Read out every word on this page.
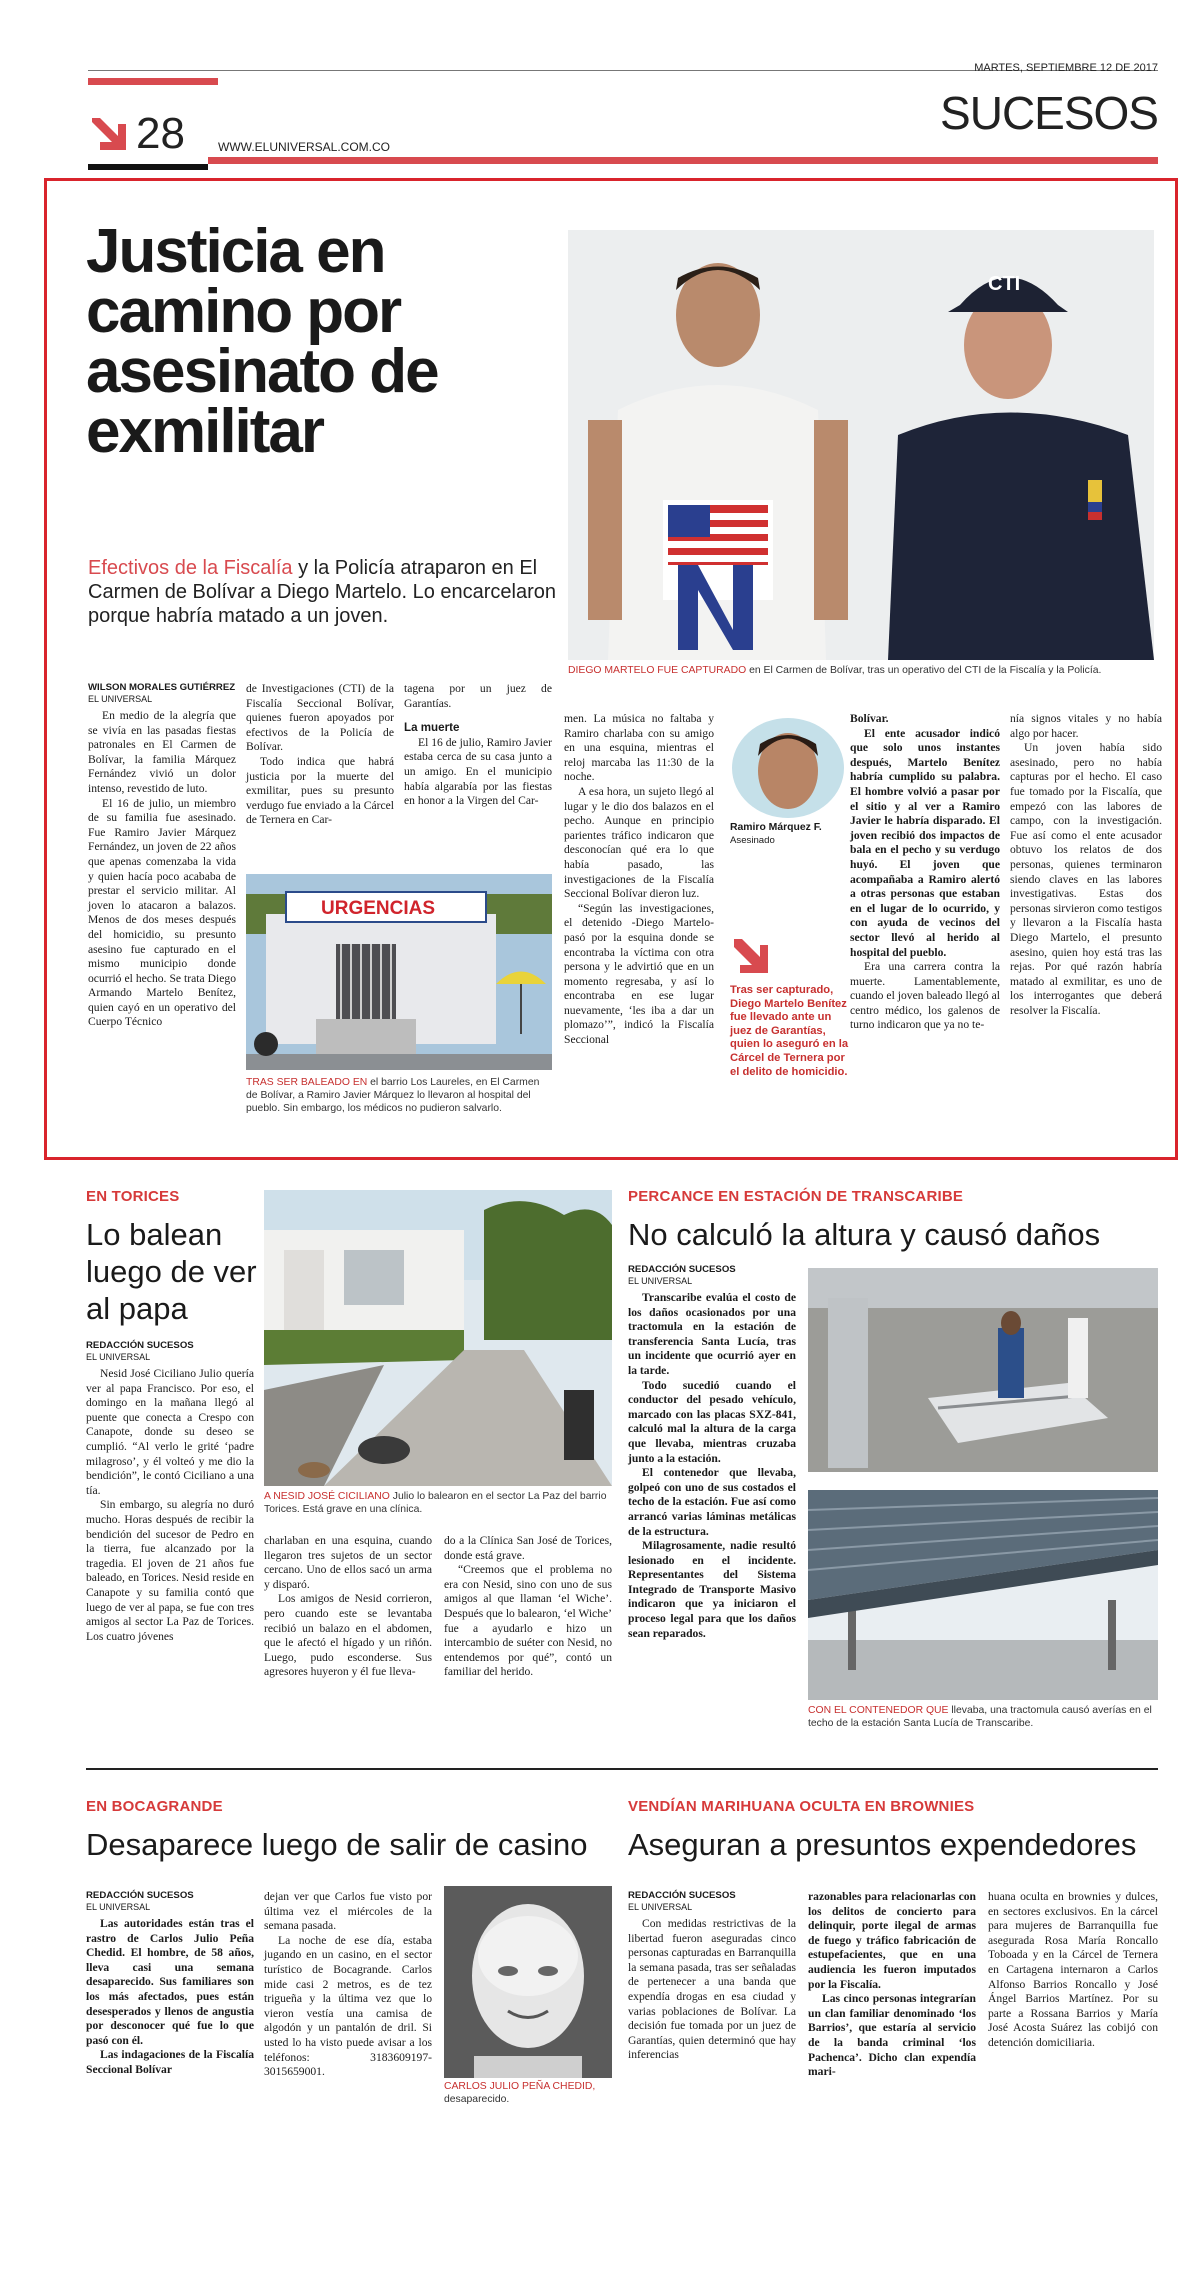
MARTES, SEPTIEMBRE 12 DE 2017
SUCESOS
28	WWW.ELUNIVERSAL.COM.CO
Justicia en camino por asesinato de exmilitar
Efectivos de la Fiscalía y la Policía atraparon en El Carmen de Bolívar a Diego Martelo. Lo encarcelaron porque habría matado a un joven.
CTI
DIEGO MARTELO FUE CAPTURADO en El Carmen de Bolívar, tras un operativo del CTI de la Fiscalía y la Policía.
WILSON MORALES GUTIÉRREZ
EL UNIVERSAL

En medio de la alegría que se vivía en las pasadas fiestas patronales en El Carmen de Bolívar, la familia Márquez Fernández vivió un dolor intenso, revestido de luto.

El 16 de julio, un miembro de su familia fue asesinado. Fue Ramiro Javier Márquez Fernández, un joven de 22 años que apenas comenzaba la vida y quien hacía poco acababa de prestar el servicio militar. Al joven lo atacaron a balazos. Menos de dos meses después del homicidio, su presunto asesino fue capturado en el mismo municipio donde ocurrió el hecho. Se trata Diego Armando Martelo Benítez, quien cayó en un operativo del Cuerpo Técnico

de Investigaciones (CTI) de la Fiscalía Seccional Bolívar, quienes fueron apoyados por efectivos de la Policía de Bolívar.

Todo indica que habrá justicia por la muerte del exmilitar, pues su presunto verdugo fue enviado a la Cárcel de Ternera en Car-

tagena por un juez de Garantías.

La muerte

El 16 de julio, Ramiro Javier estaba cerca de su casa junto a un amigo. En el municipio había algarabía por las fiestas en honor a la Virgen del Car-

URGENCIAS
TRAS SER BALEADO EN el barrio Los Laureles, en El Carmen de Bolívar, a Ramiro Javier Márquez lo llevaron al hospital del pueblo. Sin embargo, los médicos no pudieron salvarlo.

men. La música no faltaba y Ramiro charlaba con su amigo en una esquina, mientras el reloj marcaba las 11:30 de la noche.

A esa hora, un sujeto llegó al lugar y le dio dos balazos en el pecho. Aunque en principio parientes tráfico indicaron que desconocían qué era lo que había pasado, las investigaciones de la Fiscalía Seccional Bolívar dieron luz.

“Según las investigaciones, el detenido -Diego Martelo- pasó por la esquina donde se encontraba la víctima con otra persona y le advirtió que en un momento regresaba, y así lo encontraba en ese lugar nuevamente, ‘les iba a dar un plomazo’”, indicó la Fiscalía Seccional

Ramiro Márquez F.
Asesinado
Tras ser capturado, Diego Martelo Benítez fue llevado ante un juez de Garantías, quien lo aseguró en la Cárcel de Ternera por el delito de homicidio.

Bolívar.

El ente acusador indicó que solo unos instantes después, Martelo Benítez habría cumplido su palabra. El hombre volvió a pasar por el sitio y al ver a Ramiro Javier le habría disparado. El joven recibió dos impactos de bala en el pecho y su verdugo huyó. El joven que acompañaba a Ramiro alertó a otras personas que estaban en el lugar de lo ocurrido, y con ayuda de vecinos del sector llevó al herido al hospital del pueblo.

Era una carrera contra la muerte. Lamentablemente, cuando el joven baleado llegó al centro médico, los galenos de turno indicaron que ya no te-

nía signos vitales y no había algo por hacer.

Un joven había sido asesinado, pero no había capturas por el hecho. El caso fue tomado por la Fiscalía, que empezó con las labores de campo, con la investigación. Fue así como el ente acusador obtuvo los relatos de dos personas, quienes terminaron siendo claves en las labores investigativas. Estas dos personas sirvieron como testigos y llevaron a la Fiscalía hasta Diego Martelo, el presunto asesino, quien hoy está tras las rejas. Por qué razón habría matado al exmilitar, es uno de los interrogantes que deberá resolver la Fiscalía.

EN TORICES
Lo balean luego de ver al papa
REDACCIÓN SUCESOS
EL UNIVERSAL

Nesid José Ciciliano Julio quería ver al papa Francisco. Por eso, el domingo en la mañana llegó al puente que conecta a Crespo con Canapote, donde su deseo se cumplió. “Al verlo le grité ‘padre milagroso’, y él volteó y me dio la bendición”, le contó Ciciliano a una tía.

Sin embargo, su alegría no duró mucho. Horas después de recibir la bendición del sucesor de Pedro en la tierra, fue alcanzado por la tragedia. El joven de 21 años fue baleado, en Torices. Nesid reside en Canapote y su familia contó que luego de ver al papa, se fue con tres amigos al sector La Paz de Torices. Los cuatro jóvenes

A NESID JOSÉ CICILIANO Julio lo balearon en el sector La Paz del barrio Torices. Está grave en una clínica.

charlaban en una esquina, cuando llegaron tres sujetos de un sector cercano. Uno de ellos sacó un arma y disparó.

Los amigos de Nesid corrieron, pero cuando este se levantaba recibió un balazo en el abdomen, que le afectó el hígado y un riñón. Luego, pudo esconderse. Sus agresores huyeron y él fue lleva-

do a la Clínica San José de Torices, donde está grave.

“Creemos que el problema no era con Nesid, sino con uno de sus amigos al que llaman ‘el Wiche’. Después que lo balearon, ‘el Wiche’ fue a ayudarlo e hizo un intercambio de suéter con Nesid, no entendemos por qué”, contó un familiar del herido.

PERCANCE EN ESTACIÓN DE TRANSCARIBE
No calculó la altura y causó daños
REDACCIÓN SUCESOS
EL UNIVERSAL

Transcaribe evalúa el costo de los daños ocasionados por una tractomula en la estación de transferencia Santa Lucía, tras un incidente que ocurrió ayer en la tarde.

Todo sucedió cuando el conductor del pesado vehículo, marcado con las placas SXZ-841, calculó mal la altura de la carga que llevaba, mientras cruzaba junto a la estación.

El contenedor que llevaba, golpeó con uno de sus costados el techo de la estación. Fue así como arrancó varias láminas metálicas de la estructura.

Milagrosamente, nadie resultó lesionado en el incidente. Representantes del Sistema Integrado de Transporte Masivo indicaron que ya iniciaron el proceso legal para que los daños sean reparados.

CON EL CONTENEDOR QUE llevaba, una tractomula causó averías en el techo de la estación Santa Lucía de Transcaribe.
EN BOCAGRANDE
Desaparece luego de salir de casino
REDACCIÓN SUCESOS
EL UNIVERSAL

Las autoridades están tras el rastro de Carlos Julio Peña Chedid. El hombre, de 58 años, lleva casi una semana desaparecido. Sus familiares son los más afectados, pues están desesperados y llenos de angustia por desconocer qué fue lo que pasó con él.

Las indagaciones de la Fiscalía Seccional Bolívar

dejan ver que Carlos fue visto por última vez el miércoles de la semana pasada.

La noche de ese día, estaba jugando en un casino, en el sector turístico de Bocagrande. Carlos mide casi 2 metros, es de tez trigueña y la última vez que lo vieron vestía una camisa de algodón y un pantalón de dril. Si usted lo ha visto puede avisar a los teléfonos: 3183609197-3015659001.

CARLOS JULIO PEÑA CHEDID, desaparecido.
VENDÍAN MARIHUANA OCULTA EN BROWNIES
Aseguran a presuntos expendedores
REDACCIÓN SUCESOS
EL UNIVERSAL

Con medidas restrictivas de la libertad fueron aseguradas cinco personas capturadas en Barranquilla la semana pasada, tras ser señaladas de pertenecer a una banda que expendía drogas en esa ciudad y varias poblaciones de Bolívar. La decisión fue tomada por un juez de Garantías, quien determinó que hay inferencias

razonables para relacionarlas con los delitos de concierto para delinquir, porte ilegal de armas de fuego y tráfico fabricación de estupefacientes, que en una audiencia les fueron imputados por la Fiscalía.

Las cinco personas integrarían un clan familiar denominado ‘los Barrios’, que estaría al servicio de la banda criminal ‘los Pachenca’. Dicho clan expendía mari-

huana oculta en brownies y dulces, en sectores exclusivos. En la cárcel para mujeres de Barranquilla fue asegurada Rosa María Roncallo Toboada y en la Cárcel de Ternera en Cartagena internaron a Carlos Alfonso Barrios Roncallo y José Ángel Barrios Martínez. Por su parte a Rossana Barrios y María José Acosta Suárez las cobijó con detención domiciliaria.
